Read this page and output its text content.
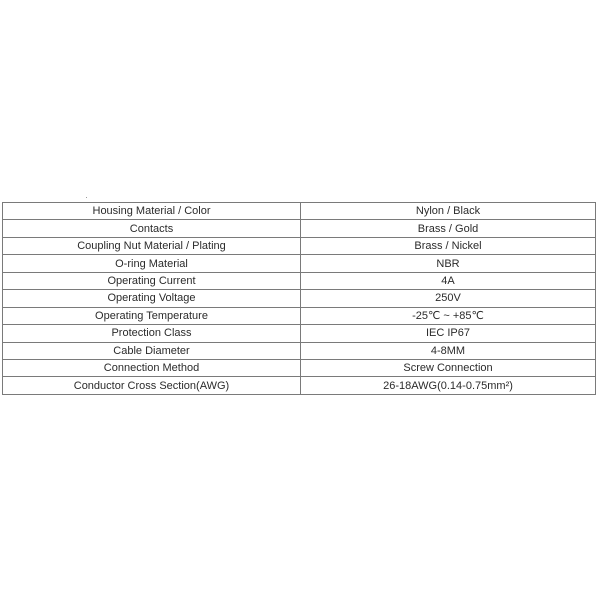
Housing Material / Color	Nylon / Black
Contacts	Brass / Gold
Coupling Nut Material / Plating	Brass / Nickel
O-ring Material	NBR
Operating Current	4A
Operating Voltage	250V
Operating Temperature	-25℃ ~ +85℃
Protection Class	IEC IP67
Cable Diameter	4-8MM
Connection Method	Screw Connection
Conductor Cross Section(AWG)	26-18AWG(0.14-0.75mm²)
